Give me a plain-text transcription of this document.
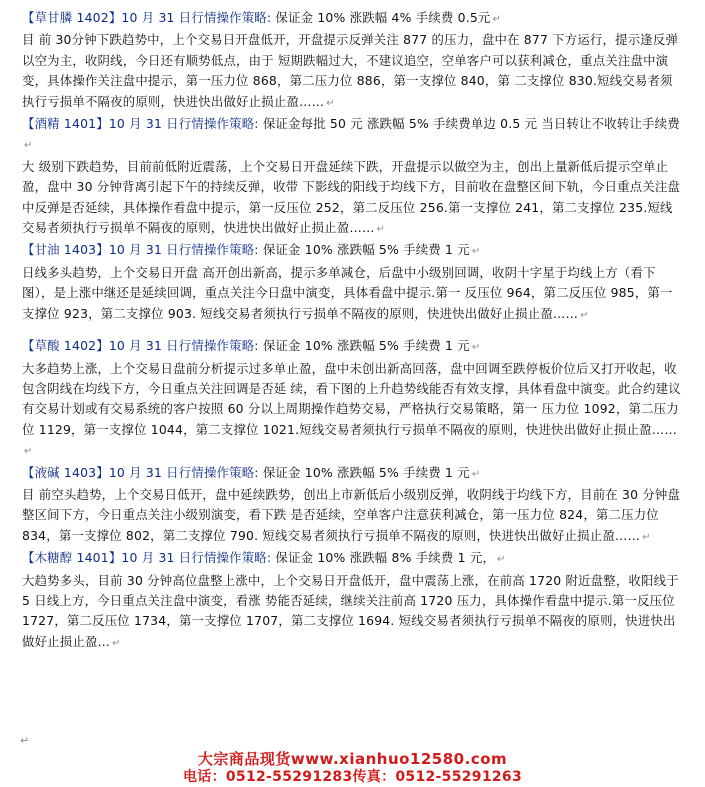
【草甘膦 1402】10 月 31 日行情操作策略: 保证金 10% 涨跌幅 4% 手续费 0.5元 ↵
目 前 30分钟下跌趋势中，上个交易日开盘低开，开盘提示反弹关注 877 的压力，盘中在 877 下方运行，提示逢反弹以空为主，收阴线，今日还有顺势低点，由于 短期跌幅过大，不建议追空，空单客户可以获利减仓，重点关注盘中演变，具体操作关注盘中提示，第一压力位 868，第二压力位 886，第一支撑位 840，第 二支撑位 830.短线交易者须执行亏损单不隔夜的原则，快进快出做好止损止盈…… ↵

【酒精 1401】10 月 31 日行情操作策略: 保证金每批 50 元 涨跌幅 5% 手续费单边 0.5 元 当日转让不收转让手续费↵
大 级别下跌趋势，目前前低附近震荡，上个交易日开盘延续下跌，开盘提示以做空为主，创出上量新低后提示空单止盈，盘中 30 分钟背离引起下午的持续反弹，收带 下影线的阳线于均线下方，目前收在盘整区间下轨，今日重点关注盘中反弹是否延续，具体操作看盘中提示，第一反压位 252，第二反压位 256.第一支撑位 241，第二支撑位 235.短线交易者须执行亏损单不隔夜的原则，快进快出做好止损止盈…… ↵

【甘油 1403】10 月 31 日行情操作策略: 保证金 10% 涨跌幅 5% 手续费 1 元 ↵
日线多头趋势，上个交易日开盘 高开创出新高，提示多单减仓，后盘中小级别回调，收阴十字星于均线上方（看下图），是上涨中继还是延续回调，重点关注今日盘中演变，具体看盘中提示.第一 反压位 964，第二反压位 985，第一支撑位 923，第二支撑位 903. 短线交易者须执行亏损单不隔夜的原则，快进快出做好止损止盈…… ↵

【草酸 1402】10 月 31 日行情操作策略: 保证金 10% 涨跌幅 5% 手续费 1 元 ↵
大多趋势上涨，上个交易日盘前分析提示过多单止盈，盘中未创出新高回落，盘中回调至跌停板价位后又打开收起，收包含阴线在均线下方，今日重点关注回调是否延 续，看下图的上升趋势线能否有效支撑，具体看盘中演变。此合约建议有交易计划或有交易系统的客户按照 60 分以上周期操作趋势交易，严格执行交易策略，第一 压力位 1092，第二压力位 1129，第一支撑位 1044，第二支撑位 1021.短线交易者须执行亏损单不隔夜的原则，快进快出做好止损止盈……↵

【液碱 1403】10 月 31 日行情操作策略: 保证金 10% 涨跌幅 5% 手续费 1 元 ↵
目 前空头趋势，上个交易日低开，盘中延续跌势，创出上市新低后小级别反弹，收阴线于均线下方，目前在 30 分钟盘整区间下方，今日重点关注小级别演变，看下跌 是否延续，空单客户注意获利减仓，第一压力位 824，第二压力位 834，第一支撑位 802，第二支撑位 790. 短线交易者须执行亏损单不隔夜的原则，快进快出做好止损止盈…… ↵

【木糖醇 1401】10 月 31 日行情操作策略: 保证金 10% 涨跌幅 8% 手续费 1 元， ↵
大趋势多头，目前 30 分钟高位盘整上涨中，上个交易日开盘低开，盘中震荡上涨，在前高 1720 附近盘整，收阳线于 5 日线上方，今日重点关注盘中演变，看涨 势能否延续，继续关注前高 1720 压力，具体操作看盘中提示.第一反压位 1727，第二反压位 1734，第一支撑位 1707，第二支撑位 1694. 短线交易者须执行亏损单不隔夜的原则，快进快出做好止损止盈… ↵

↵
大宗商品现货www.xianhuo12580.com
电话：0512-55291283传真：0512-55291263
